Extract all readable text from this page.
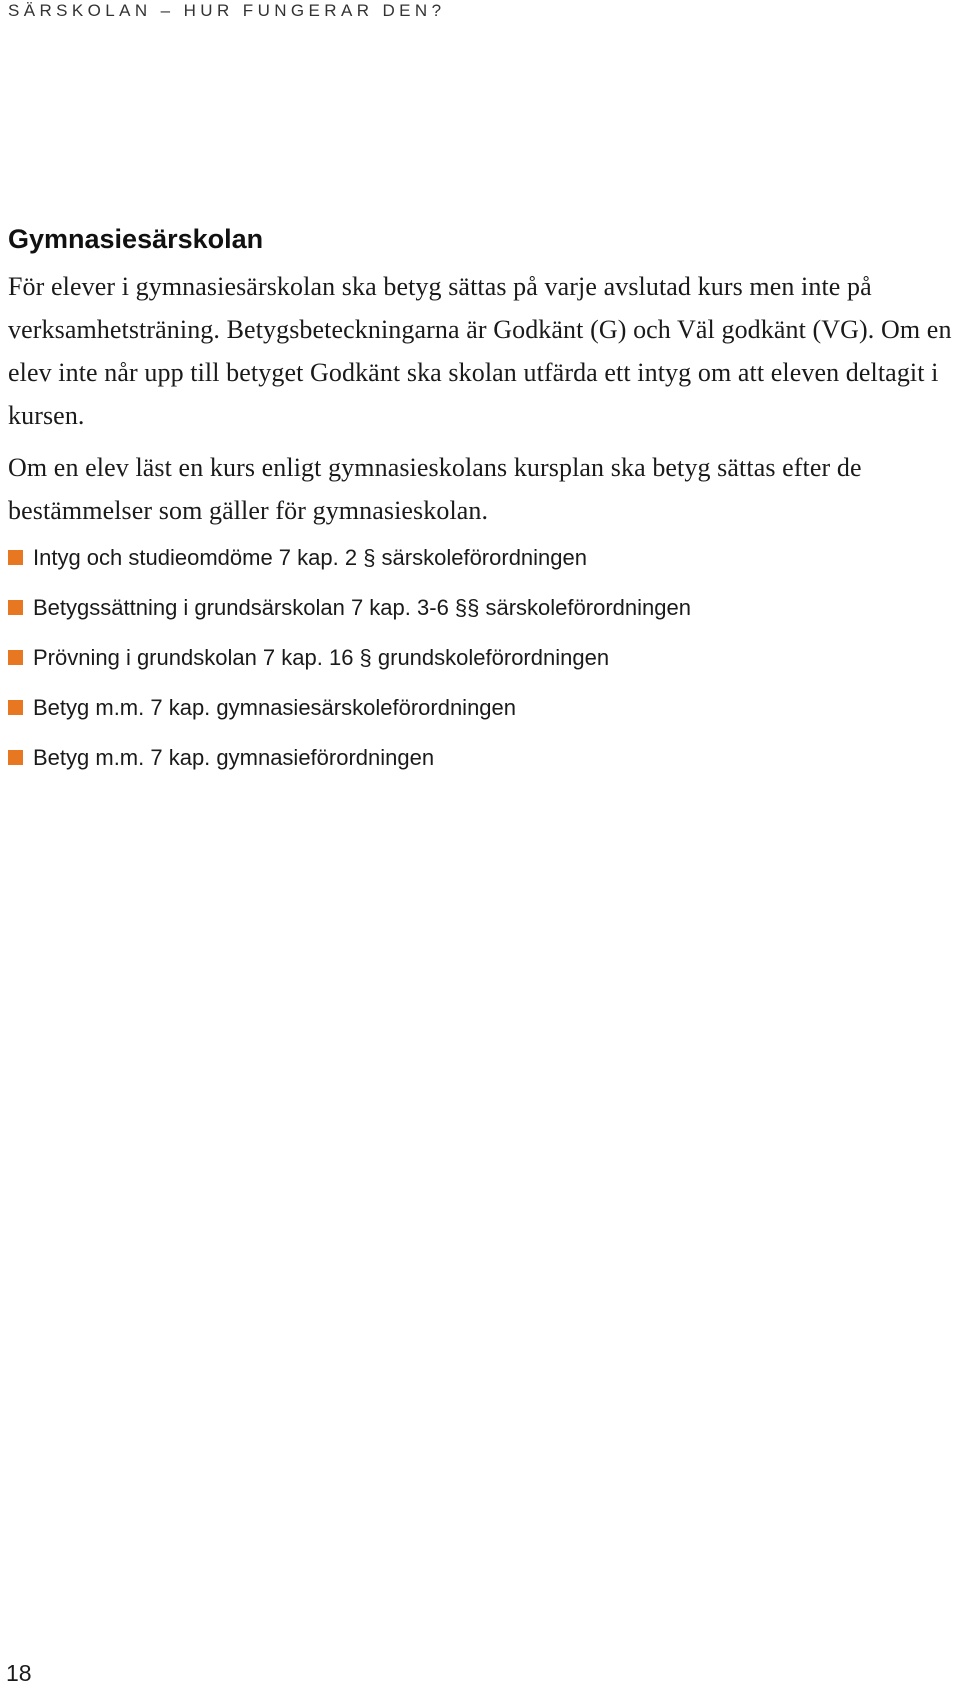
SÄRSKOLAN – HUR FUNGERAR DEN?
Gymnasiesärskolan

För elever i gymnasiesärskolan ska betyg sättas på varje avslutad kurs men inte på verksamhetsträning. Betygsbeteckningarna är Godkänt (G) och Väl godkänt (VG). Om en elev inte når upp till betyget Godkänt ska skolan utfärda ett intyg om att eleven deltagit i kursen.

Om en elev läst en kurs enligt gymnasieskolans kursplan ska betyg sättas efter de bestämmelser som gäller för gymnasieskolan.

Intyg och studieomdöme 7 kap. 2 § särskoleförordningen
Betygssättning i grundsärskolan 7 kap. 3-6 §§ särskoleförordningen
Prövning i grundskolan 7 kap. 16 § grundskoleförordningen
Betyg m.m. 7 kap. gymnasiesärskoleförordningen
Betyg m.m. 7 kap. gymnasieförordningen
18
